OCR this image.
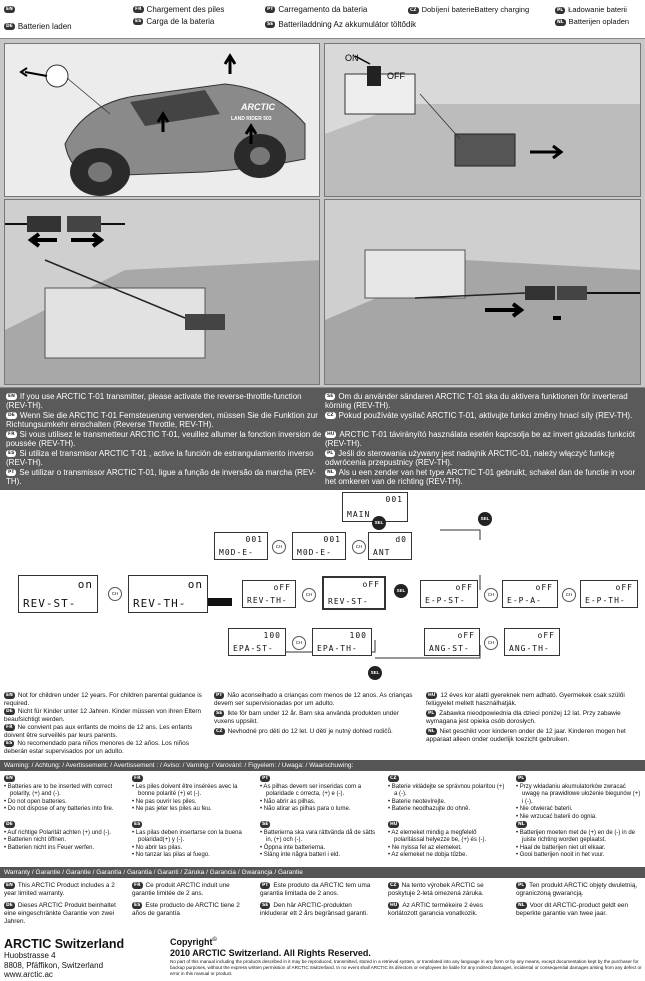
EN
DE Batterien laden
FR Chargement des piles
ES Carga de la bateria
PT Carregamento da bateria
SE Batteriladdning Az akkumulátor töltődik
CZ Dobíjení baterieBattery charging	PL Ładowanie baterii
NL Batterijen opladen
LAND RIDER 503
ARCTIC
ON
OFF
EN If you use ARCTIC T-01 transmitter, please activate the reverse-throttle-function (REV-TH).
DE Wenn Sie die ARCTIC T-01 Fernsteuerung verwenden, müssen Sie die Funktion zur Richtungsumkehr einschalten (Reverse Throttle, REV-TH).
FR Si vous utilisez le transmetteur ARCTIC T-01, veuillez allumer la fonction inversion de poussée (REV-TH).
ES Si utiliza el transmisor ARCTIC T-01 , active la función de estrangulamiento inverso (REV-TH).
PT Se utilizar o transmissor ARCTIC T-01, ligue a função de inversão da marcha (REV-TH).
SE Om du använder sändaren ARCTIC T-01 ska du aktivera funktionen för inverterad körning (REV-TH).
CZ Pokud používáte vysílač ARCTIC T-01, aktivujte funkci změny hnací síly (REV-TH).
HU ARCTIC T-01 távirányító használata esetén kapcsolja be az invert gázadás funkciót (REV-TH).
PL Jeśli do sterowania używany jest nadajnik ARCTIC-01, należy włączyć funkcję odwrócenia przepustnicy (REV-TH).
NL Als u een zender van het type ARCTIC T-01 gebruikt, schakel dan de functie in voor het omkeren van de richting (REV-TH).
on
REV-ST-
CH
on
REV-TH-
001
MAIN
SEL
001
M0D-E-
CH
001
M0D-E-
CH
d0
ANT
SEL
oFF
REV-TH-
CH
oFF
REV-ST-
SEL	oFF
E-P-ST-
CH
oFF
E-P-A-
CH
oFF
E-P-TH-
100
EPA-ST-
CH
100
EPA-TH-
oFF
ANG-ST-
CH
oFF
ANG-TH-
SEL
EN Not for children under 12 years. For children parental guidance is required.
DE Nicht für Kinder unter 12 Jahren. Kinder müssen von ihren Eltern beaufsichtigt werden.
FR Ne convient pas aux enfants de moins de 12 ans. Les enfants doivent être surveillés par leurs parents.
ES No recomendado para niños menores de 12 años. Los niños deberán estar supervisados por un adulto.
PT Não aconselhado a crianças com menos de 12 anos. As crianças devem ser supervisionadas por um adulto.
SE Ikte för barn under 12 år. Barn ska använda produkten under vuxens uppsikt.
CZ Nevhodné pro děti do 12 let. U dětí je nutný dohled rodičů.
HU 12 éves kor alatti gyereknek nem adható. Gyermekek csak szülői felügyelet mellett használhatják.
PL Zabawka nieodpowiednia dla dzieci poniżej 12 lat. Przy zabawie wymagana jest opieka osób dorosłych.
NL Niet geschikt voor kinderen onder de 12 jaar. Kinderen mogen het apparaat alleen onder ouderlijk toezicht gebruiken.
Warning: / Achtung: / Avertissement: / Avertissement : / Aviso: / Varning: / Varování: / Figyelem: / Uwaga: / Waarschuwing:
EN
• Batteries are to be inserted with correct polarity, (+) and (-).
• Do not open batteries.
• Do not dispose of any batteries into fire.
DE
• Auf richtige Polarität achten (+) und (-).
• Batterien nicht öffnen.
• Batterien nicht ins Feuer werfen.
FR
• Les piles doivent être insérées avec la bonne polarité (+) et (-).
• Ne pas ouvrir les piles.
• Ne pas jeter les piles au feu.
ES
• Las pilas deben insertarse con la buena polaridad(+) y (-).
• No abrir las pilas.
• No tanzar las pilas al fuego.
PT
• As pilhas devem ser inseridas com a polaridade c orrecta, (+) e (-).
• Não abrir as pilhas.
• Não atirar as pilhas para o lume.
SE
• Batterierna ska vara rättvända då de sätts in, (+) och (-).
• Öppna inte batterierna.
• Släng inte några batteri i eld.
CZ
• Baterie vkládejte se správnou polaritou (+) a (-).
• Baterie neotevírejte.
• Baterie neodhazujte do ohně.
HU
• Az elemeket mindig a megfelelő polaritással helyezze be, (+) és (-).
• Ne nyissa fel az elemeket.
• Az elemeket ne dobja tűzbe.
PL
• Przy wkładaniu akumulatorków zwracać uwagę na prawidłowe ułożenie biegunów (+) i (-).
• Nie otwierać baterii.
• Nie wrzucać baterii do ognia.
NL
• Batterijen moeten met de (+) en de (-) in de juiste richting worden geplaatst.
• Haal de batterijen niet uit elkaar.
• Gooi batterijen nooit in het vuur.
Warranty / Garantie / Garantie / Garantía / Garantia / Garanti / Záruka / Garancia / Gwarancja / Garantie
EN This ARCTIC Product includes a 2 year limited warranty.
DE Dieses ARCTIC Produkt beinhaltet eine eingeschränkte Garantie von zwei Jahren.
FR Ce produit ARCTIC induit une garantie limitée de 2 ans.
ES Este producto de ARCTIC tiene 2 años de garantía
PT Este produto da ARCTIC tem uma garantia limitada de 2 anos.
SE Den här ARCTIC-produkten inkluderar ett 2 års begränsad garanti.
CZ Na tento výrobek ARCTIC se poskytuje 2-letá omezená záruka.
HU Az ARTIC termékeire 2 éves korlátozott garancia vonatkozik.
PL Ten produkt ARCTIC objęty dwuletnią, ograniczoną gwarancją.
NL Voor dit ARCTIC-product geldt een beperkte garantie van twee jaar.
ARCTIC Switzerland
Huobstrasse 4
8808, Pfäffikon, Switzerland
www.arctic.ac
Copyright©
2010 ARCTIC Switzerland. All Rights Reserved.
No part of this manual including the products described in it may be reproduced, transmitted, stored in a retrieval system, or translated into any language in any form or by any means, except documentation kept by the purchaser for backup purposes, without the express written permission of ARCTIC Switzerland. In no event shall ARCTIC its directors or employees be liable for any indirect damages, incidental or consequential damages arising from any defect or error in this manual or product.
